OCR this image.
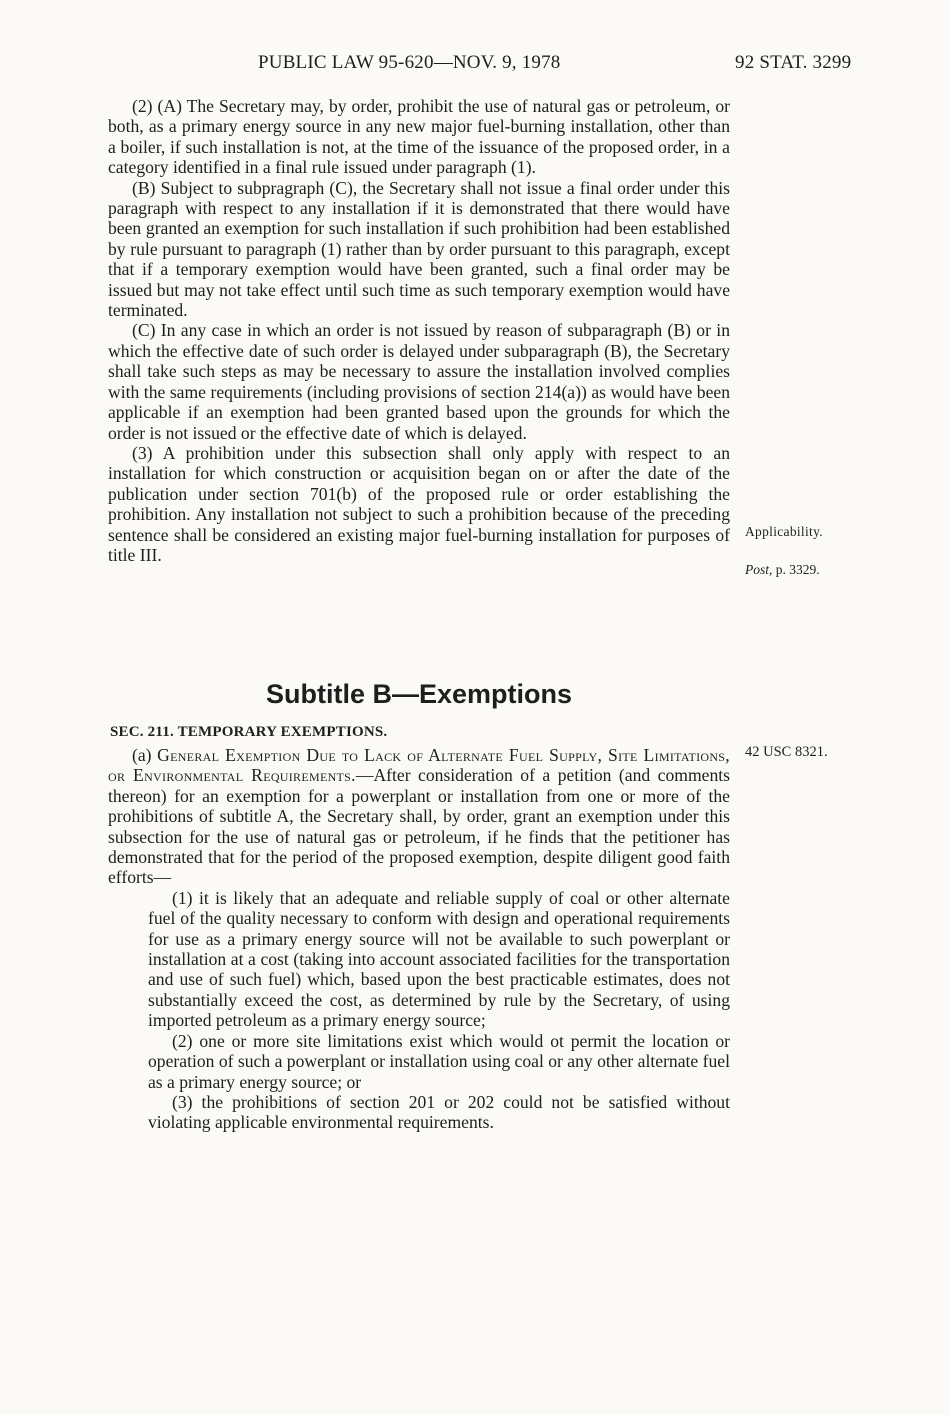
PUBLIC LAW 95-620—NOV. 9, 1978	92 STAT. 3299

(2) (A) The Secretary may, by order, prohibit the use of natural gas or petroleum, or both, as a primary energy source in any new major fuel-burning installation, other than a boiler, if such installation is not, at the time of the issuance of the proposed order, in a category identified in a final rule issued under paragraph (1).

(B) Subject to subpragraph (C), the Secretary shall not issue a final order under this paragraph with respect to any installation if it is demonstrated that there would have been granted an exemption for such installation if such prohibition had been established by rule pursuant to paragraph (1) rather than by order pursuant to this paragraph, except that if a temporary exemption would have been granted, such a final order may be issued but may not take effect until such time as such temporary exemption would have terminated.

(C) In any case in which an order is not issued by reason of subparagraph (B) or in which the effective date of such order is delayed under subparagraph (B), the Secretary shall take such steps as may be necessary to assure the installation involved complies with the same requirements (including provisions of section 214(a)) as would have been applicable if an exemption had been granted based upon the grounds for which the order is not issued or the effective date of which is delayed.

(3) A prohibition under this subsection shall only apply with respect to an installation for which construction or acquisition began on or after the date of the publication under section 701(b) of the proposed rule or order establishing the prohibition. Any installation not subject to such a prohibition because of the preceding sentence shall be considered an existing major fuel-burning installation for purposes of title III.

Applicability.
Post, p. 3329.
Subtitle B—Exemptions
SEC. 211. TEMPORARY EXEMPTIONS.
42 USC 8321.

(a) General Exemption Due to Lack of Alternate Fuel Supply, Site Limitations, or Environmental Requirements.—After consideration of a petition (and comments thereon) for an exemption for a powerplant or installation from one or more of the prohibitions of subtitle A, the Secretary shall, by order, grant an exemption under this subsection for the use of natural gas or petroleum, if he finds that the petitioner has demonstrated that for the period of the proposed exemption, despite diligent good faith efforts—

(1) it is likely that an adequate and reliable supply of coal or other alternate fuel of the quality necessary to conform with design and operational requirements for use as a primary energy source will not be available to such powerplant or installation at a cost (taking into account associated facilities for the transportation and use of such fuel) which, based upon the best practicable estimates, does not substantially exceed the cost, as determined by rule by the Secretary, of using imported petroleum as a primary energy source;

(2) one or more site limitations exist which would ot permit the location or operation of such a powerplant or installation using coal or any other alternate fuel as a primary energy source; or

(3) the prohibitions of section 201 or 202 could not be satisfied without violating applicable environmental requirements.
